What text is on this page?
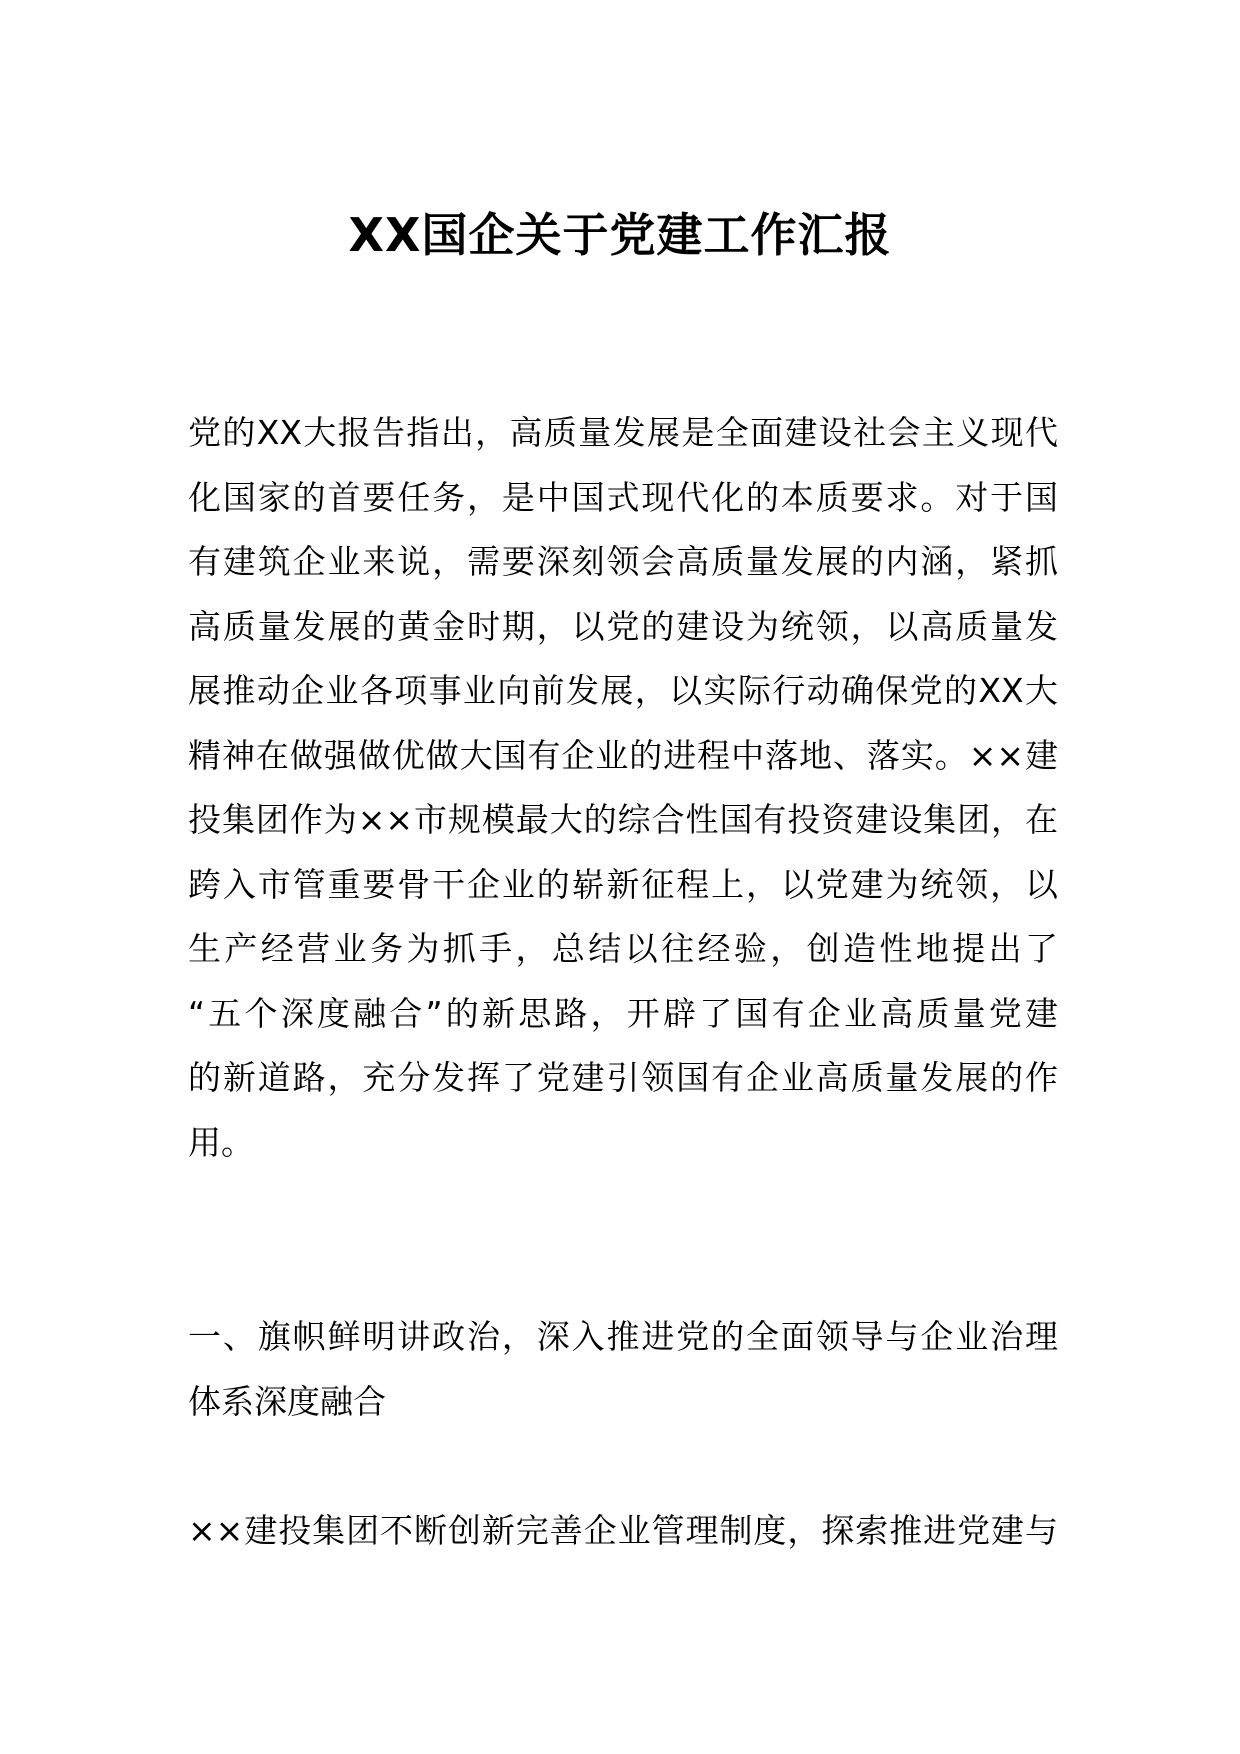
XX国企关于党建工作汇报
党的XX大报告指出，高质量发展是全面建设社会主义现代
化国家的首要任务，是中国式现代化的本质要求。对于国
有建筑企业来说，需要深刻领会高质量发展的内涵，紧抓
高质量发展的黄金时期，以党的建设为统领，以高质量发
展推动企业各项事业向前发展，以实际行动确保党的XX大
精神在做强做优做大国有企业的进程中落地、落实。××建
投集团作为××市规模最大的综合性国有投资建设集团，在
跨入市管重要骨干企业的崭新征程上，以党建为统领，以
生产经营业务为抓手，总结以往经验，创造性地提出了
“五个深度融合”的新思路，开辟了国有企业高质量党建
的新道路，充分发挥了党建引领国有企业高质量发展的作
用。
一、旗帜鲜明讲政治，深入推进党的全面领导与企业治理
体系深度融合
××建投集团不断创新完善企业管理制度，探索推进党建与
